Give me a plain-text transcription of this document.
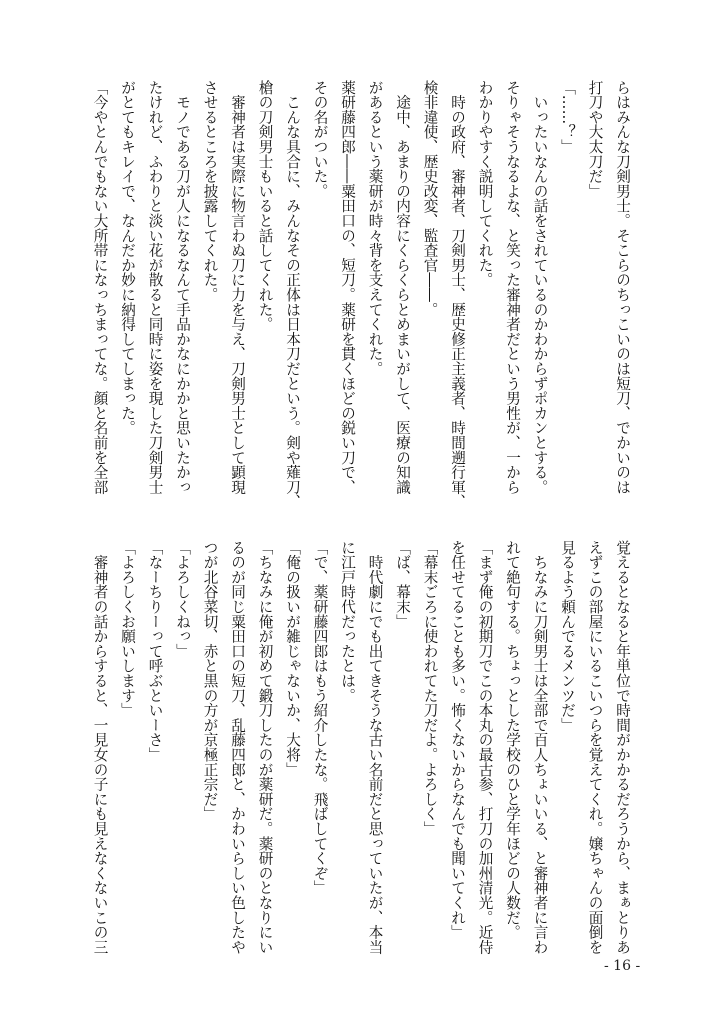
らはみんな刀剣男士。そこらのちっこいのは短刀、でかいのは
打刀や大太刀だ」
「……？」
　いったいなんの話をされているのかわからずポカンとする。
そりゃそうなるよな、と笑った審神者だという男性が、一から
わかりやすく説明してくれた。
　時の政府、審神者、刀剣男士、歴史修正主義者、時間遡行軍、
検非違使、歴史改変、監査官――。
　途中、あまりの内容にくらくらとめまいがして、医療の知識
があるという薬研が時々背を支えてくれた。
薬研藤四郎――粟田口の、短刀。薬研を貫くほどの鋭い刀で、
その名がついた。
　こんな具合に、みんなその正体は日本刀だという。剣や薙刀、
槍の刀剣男士もいると話してくれた。
　審神者は実際に物言わぬ刀に力を与え、刀剣男士として顕現
させるところを披露してくれた。
　モノである刀が人になるなんて手品かなにかかと思いたかっ
たけれど、ふわりと淡い花が散ると同時に姿を現した刀剣男士
がとてもキレイで、なんだか妙に納得してしまった。
「今やとんでもない大所帯になっちまってな。顔と名前を全部
覚えるとなると年単位で時間がかかるだろうから、まぁとりあ
えずこの部屋にいるこいつらを覚えてくれ。嬢ちゃんの面倒を
見るよう頼んでるメンツだ」
　ちなみに刀剣男士は全部で百人ちょいいる、と審神者に言わ
れて絶句する。ちょっとした学校のひと学年ほどの人数だ。
「まず俺の初期刀でこの本丸の最古参、打刀の加州清光。近侍
を任せてることも多い。怖くないからなんでも聞いてくれ」
「幕末ごろに使われてた刀だよ。よろしく」
「ば、幕末」
　時代劇にでも出てきそうな古い名前だと思っていたが、本当
に江戸時代だったとは。
「で、薬研藤四郎はもう紹介したな。飛ばしてくぞ」
「俺の扱いが雑じゃないか、大将」
「ちなみに俺が初めて鍛刀したのが薬研だ。薬研のとなりにい
るのが同じ粟田口の短刀、乱藤四郎と、かわいらしい色したや
つが北谷菜切、赤と黒の方が京極正宗だ」
「よろしくねっ」
「なーちりーって呼ぶといーさ」
「よろしくお願いします」
　審神者の話からすると、一見女の子にも見えなくないこの三
- 16 -
